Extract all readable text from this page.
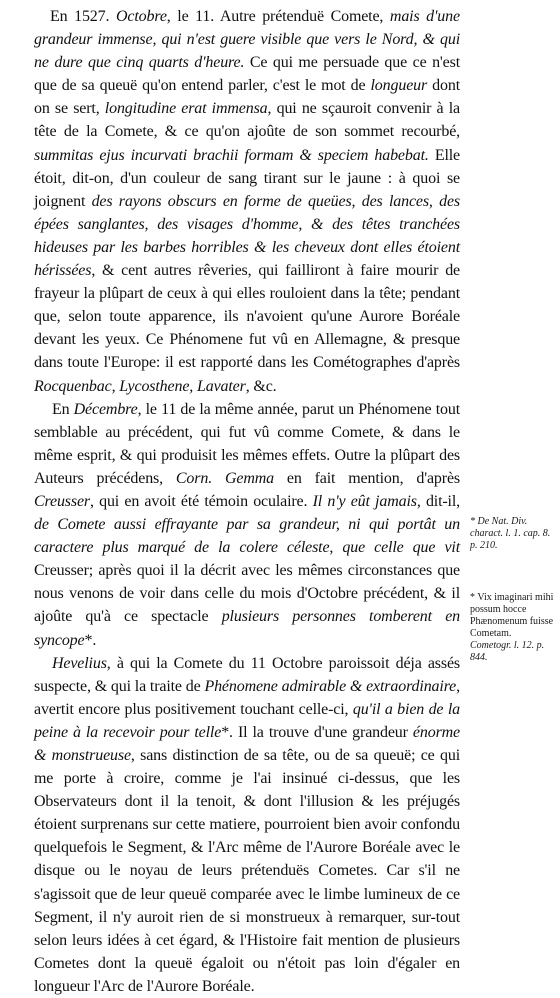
En 1527. Octobre, le 11. Autre prétenduë Comete, mais d'une grandeur immense, qui n'est guere visible que vers le Nord, & qui ne dure que cinq quarts d'heure. Ce qui me persuade que ce n'est que de sa queuë qu'on entend parler, c'est le mot de longueur dont on se sert, longitudine erat immensa, qui ne sçauroit convenir à la tête de la Comete, & ce qu'on ajoûte de son sommet recourbé, summitas ejus incurvati brachii formam & speciem habebat. Elle étoit, dit-on, d'un couleur de sang tirant sur le jaune : à quoi se joignent des rayons obscurs en forme de queües, des lances, des épées sanglantes, des visages d'homme, & des têtes tranchées hideuses par les barbes horribles & les cheveux dont elles étoient hérissées, & cent autres rêveries, qui failliront à faire mourir de frayeur la plûpart de ceux à qui elles rouloient dans la tête; pendant que, selon toute apparence, ils n'avoient qu'une Aurore Boréale devant les yeux. Ce Phénomene fut vû en Allemagne, & presque dans toute l'Europe: il est rapporté dans les Cométographes d'après Rocquenbac, Lycosthene, Lavater, &c.

En Décembre, le 11 de la même année, parut un Phénomene tout semblable au précédent, qui fut vû comme Comete, & dans le même esprit, & qui produisit les mêmes effets. Outre la plûpart des Auteurs précédens, Corn. Gemma en fait mention, d'après Creusser, qui en avoit été témoin oculaire. Il n'y eût jamais, dit-il, de Comete aussi effrayante par sa grandeur, ni qui portât un caractere plus marqué de la colere céleste, que celle que vit Creusser; après quoi il la décrit avec les mêmes circonstances que nous venons de voir dans celle du mois d'Octobre précédent, & il ajoûte qu'à ce spectacle plusieurs personnes tomberent en syncope*.

Hevelius, à qui la Comete du 11 Octobre paroissoit déja assés suspecte, & qui la traite de Phénomene admirable & extraordinaire, avertit encore plus positivement touchant celle-ci, qu'il a bien de la peine à la recevoir pour telle*. Il la trouve d'une grandeur énorme & monstrueuse, sans distinction de sa tête, ou de sa queuë; ce qui me porte à croire, comme je l'ai insinué ci-dessus, que les Observateurs dont il la tenoit, & dont l'illusion & les préjugés étoient surprenans sur cette matiere, pourroient bien avoir confondu quelquefois le Segment, & l'Arc même de l'Aurore Boréale avec le disque ou le noyau de leurs prétenduës Cometes. Car s'il ne s'agissoit que de leur queuë comparée avec le limbe lumineux de ce Segment, il n'y auroit rien de si monstrueux à remarquer, sur-tout selon leurs idées à cet égard, & l'Histoire fait mention de plusieurs Cometes dont la queuë égaloit ou n'étoit pas loin d'égaler en longueur l'Arc de l'Aurore Boréale.

* De Nat. Div. charact. l. 1. cap. 8. p. 210.
* Vix imaginari mihi possum hocce Phænomenum fuisse Cometam. Cometogr. l. 12. p. 844.
